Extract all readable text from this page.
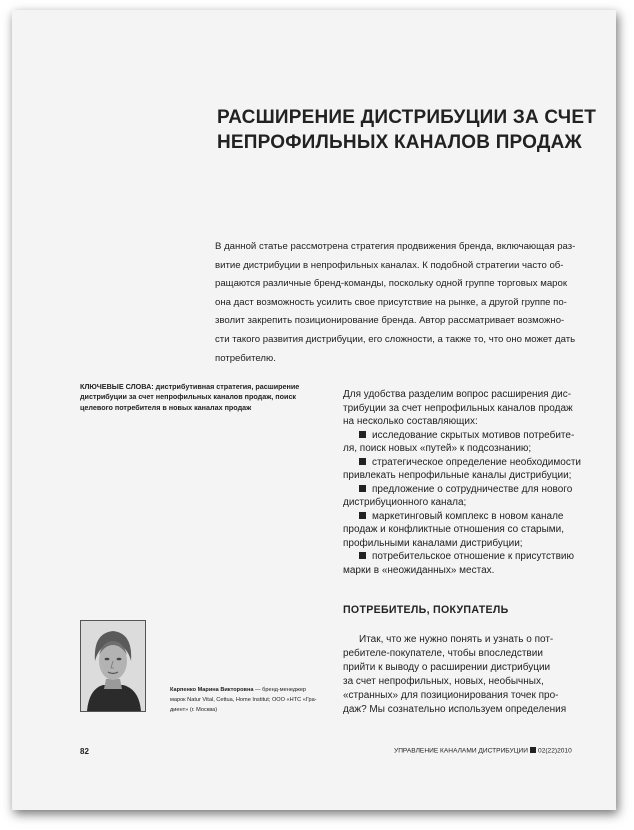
РАСШИРЕНИЕ ДИСТРИБУЦИИ ЗА СЧЕТ
НЕПРОФИЛЬНЫХ КАНАЛОВ ПРОДАЖ
В данной статье рассмотрена стратегия продвижения бренда, включающая раз-
витие дистрибуции в непрофильных каналах. К подобной стратегии часто об-
ращаются различные бренд-команды, поскольку одной группе торговых марок
она даст возможность усилить свое присутствие на рынке, а другой группе по-
зволит закрепить позиционирование бренда. Автор рассматривает возможно-
сти такого развития дистрибуции, его сложности, а также то, что оно может дать
потребителю.
КЛЮЧЕВЫЕ СЛОВА: дистрибутивная стратегия, расширение
дистрибуции за счет непрофильных каналов продаж, поиск
целевого потребителя в новых каналах продаж
Для удобства разделим вопрос расширения дис-
трибуции за счет непрофильных каналов продаж
на несколько составляющих:
исследование скрытых мотивов потребите-
ля, поиск новых «путей» к подсознанию;
стратегическое определение необходимости
привлекать непрофильные каналы дистрибуции;
предложение о сотрудничестве для нового
дистрибуционного канала;
маркетинговый комплекс в новом канале
продаж и конфликтные отношения со старыми,
профильными каналами дистрибуции;
потребительское отношение к присутствию
марки в «неожиданных» местах.
ПОТРЕБИТЕЛЬ, ПОКУПАТЕЛЬ
Итак, что же нужно понять и узнать о пот-
ребителе-покупателе, чтобы впоследствии
прийти к выводу о расширении дистрибуции
за счет непрофильных, новых, необычных,
«странных» для позиционирования точек про-
даж? Мы сознательно используем определения
Карпенко Марина Викторовна — бренд-менеджер
марок Natur Vital, Cettua, Home Institut; ООО «НТС «Гра-
диент» (г. Москва)
82	УПРАВЛЕНИЕ КАНАЛАМИ ДИСТРИБУЦИИ 02(22)2010
